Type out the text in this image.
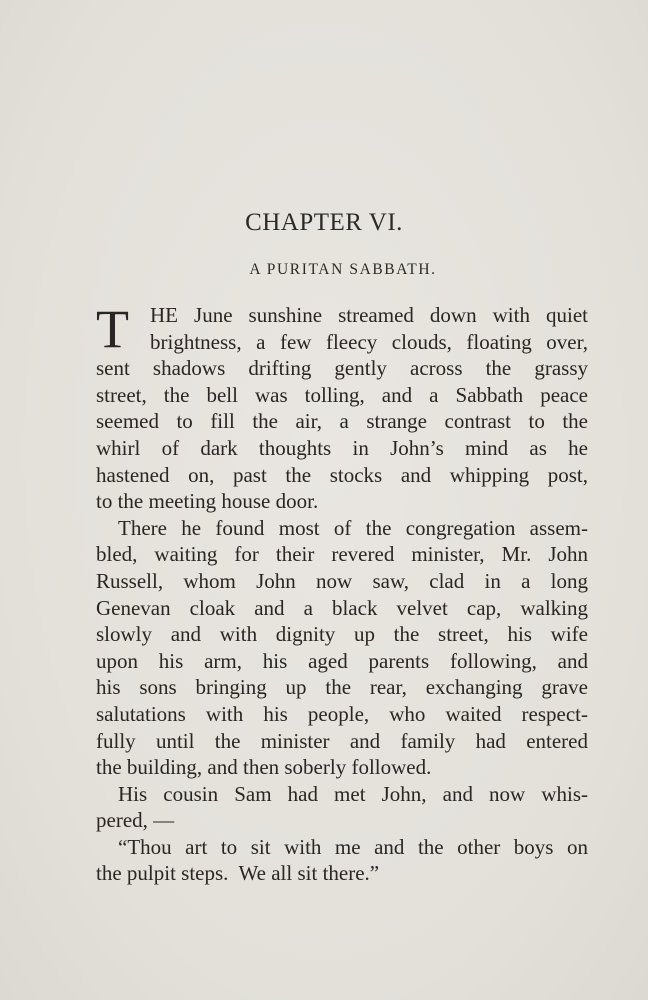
CHAPTER VI.
A PURITAN SABBATH.
T	HE June sunshine streamed down with quiet
brightness, a few fleecy clouds, floating over,
sent shadows drifting gently across the grassy
street, the bell was tolling, and a Sabbath peace
seemed to fill the air, a strange contrast to the
whirl of dark thoughts in John’s mind as he
hastened on, past the stocks and whipping post,
to the meeting house door.
There he found most of the congregation assem-
bled, waiting for their revered minister, Mr. John
Russell, whom John now saw, clad in a long
Genevan cloak and a black velvet cap, walking
slowly and with dignity up the street, his wife
upon his arm, his aged parents following, and
his sons bringing up the rear, exchanging grave
salutations with his people, who waited respect-
fully until the minister and family had entered
the building, and then soberly followed.
His cousin Sam had met John, and now whis-
pered, —
“Thou art to sit with me and the other boys on
the pulpit steps.  We all sit there.”
